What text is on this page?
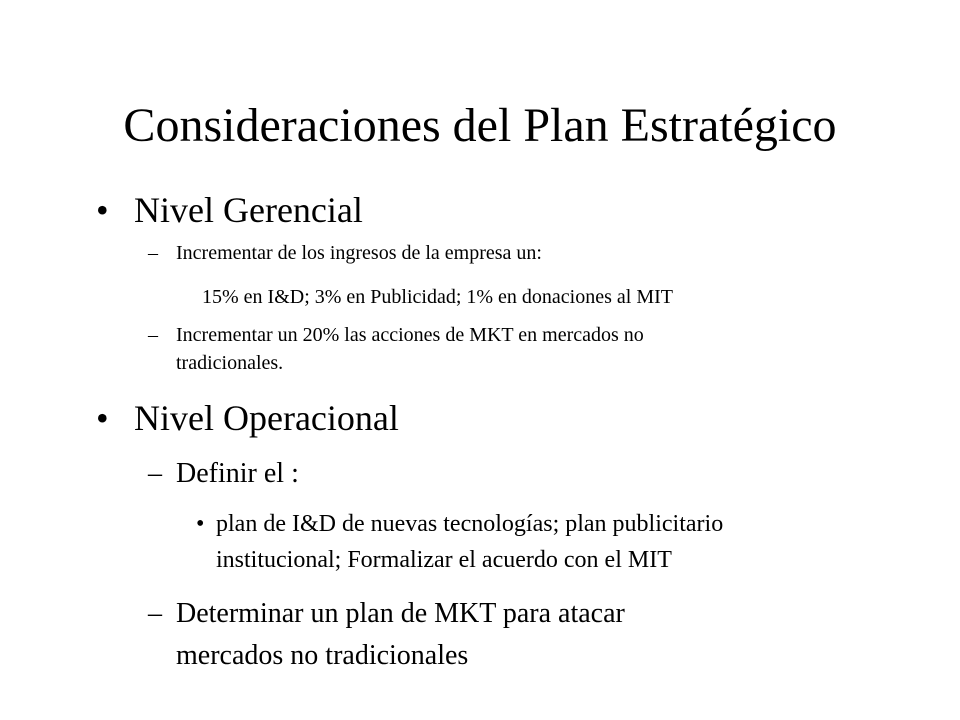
Consideraciones del Plan Estratégico
• Nivel Gerencial
– Incrementar de los ingresos de la empresa un:
15% en I&D; 3% en Publicidad; 1% en donaciones al MIT
– Incrementar un 20% las acciones de MKT en mercados no
tradicionales.
• Nivel Operacional
– Definir el :
• plan de I&D de nuevas tecnologías; plan publicitario
institucional; Formalizar el acuerdo con el MIT
– Determinar un plan de MKT para atacar
mercados no tradicionales
